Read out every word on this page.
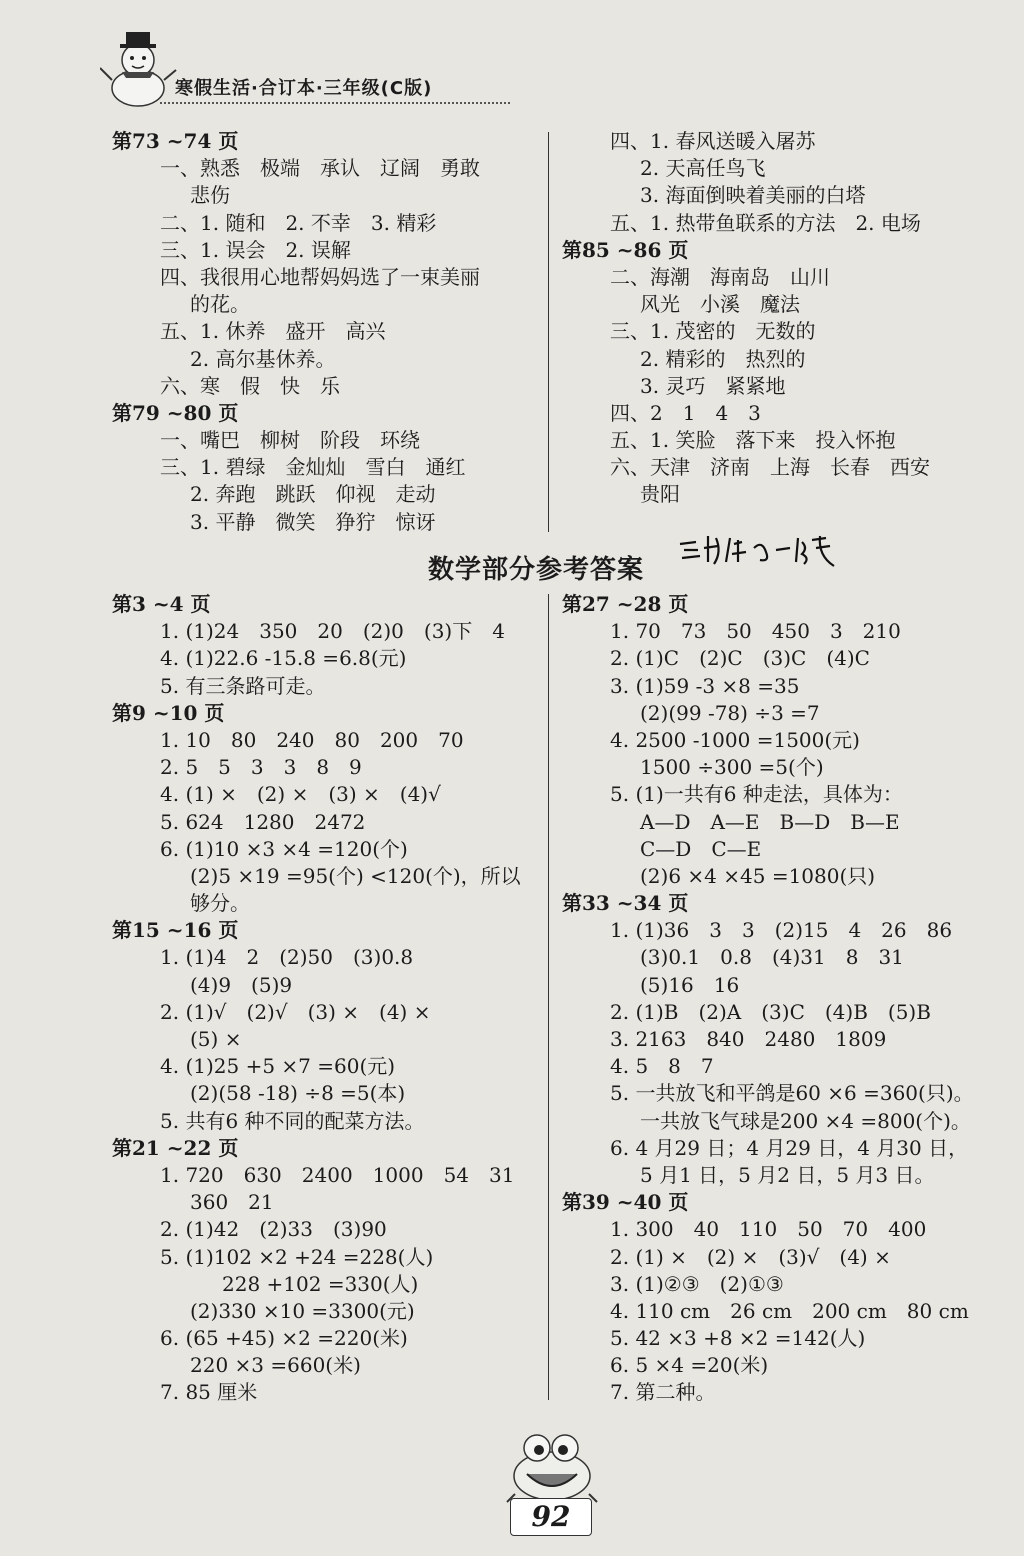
寒假生活·合订本·三年级(C版)
第73 ~74 页
一、熟悉　极端　承认　辽阔　勇敢
悲伤
二、1. 随和　2. 不幸　3. 精彩
三、1. 误会　2. 误解
四、我很用心地帮妈妈选了一束美丽
的花。
五、1. 休养　盛开　高兴
2. 高尔基休养。
六、寒　假　快　乐
第79 ~80 页
一、嘴巴　柳树　阶段　环绕
三、1. 碧绿　金灿灿　雪白　通红
2. 奔跑　跳跃　仰视　走动
3. 平静　微笑　狰狞　惊讶
四、1. 春风送暖入屠苏
2. 天高任鸟飞
3. 海面倒映着美丽的白塔
五、1. 热带鱼联系的方法　2. 电场
第85 ~86 页
二、海潮　海南岛　山川
风光　小溪　魔法
三、1. 茂密的　无数的
2. 精彩的　热烈的
3. 灵巧　紧紧地
四、2　1　4　3
五、1. 笑脸　落下来　投入怀抱
六、天津　济南　上海　长春　西安
贵阳
数学部分参考答案
第3 ~4 页
1. (1)24　350　20　(2)0　(3)下　4
4. (1)22.6 -15.8 =6.8(元)
5. 有三条路可走。
第9 ~10 页
1. 10　80　240　80　200　70
2. 5　5　3　3　8　9
4. (1) ×　(2) ×　(3) ×　(4)√
5. 624　1280　2472
6. (1)10 ×3 ×4 =120(个)
(2)5 ×19 =95(个) <120(个)，所以
够分。
第15 ~16 页
1. (1)4　2　(2)50　(3)0.8
(4)9　(5)9
2. (1)√　(2)√　(3) ×　(4) ×
(5) ×
4. (1)25 +5 ×7 =60(元)
(2)(58 -18) ÷8 =5(本)
5. 共有6 种不同的配菜方法。
第21 ~22 页
1. 720　630　2400　1000　54　31
360　21
2. (1)42　(2)33　(3)90
5. (1)102 ×2 +24 =228(人)
228 +102 =330(人)
(2)330 ×10 =3300(元)
6. (65 +45) ×2 =220(米)
220 ×3 =660(米)
7. 85 厘米
第27 ~28 页
1. 70　73　50　450　3　210
2. (1)C　(2)C　(3)C　(4)C
3. (1)59 -3 ×8 =35
(2)(99 -78) ÷3 =7
4. 2500 -1000 =1500(元)
1500 ÷300 =5(个)
5. (1)一共有6 种走法，具体为：
A—D　A—E　B—D　B—E
C—D　C—E
(2)6 ×4 ×45 =1080(只)
第33 ~34 页
1. (1)36　3　3　(2)15　4　26　86
(3)0.1　0.8　(4)31　8　31
(5)16　16
2. (1)B　(2)A　(3)C　(4)B　(5)B
3. 2163　840　2480　1809
4. 5　8　7
5. 一共放飞和平鸽是60 ×6 =360(只)。
一共放飞气球是200 ×4 =800(个)。
6. 4 月29 日；4 月29 日，4 月30 日，
5 月1 日，5 月2 日，5 月3 日。
第39 ~40 页
1. 300　40　110　50　70　400
2. (1) ×　(2) ×　(3)√　(4) ×
3. (1)②③　(2)①③
4. 110 cm　26 cm　200 cm　80 cm
5. 42 ×3 +8 ×2 =142(人)
6. 5 ×4 =20(米)
7. 第二种。
92
